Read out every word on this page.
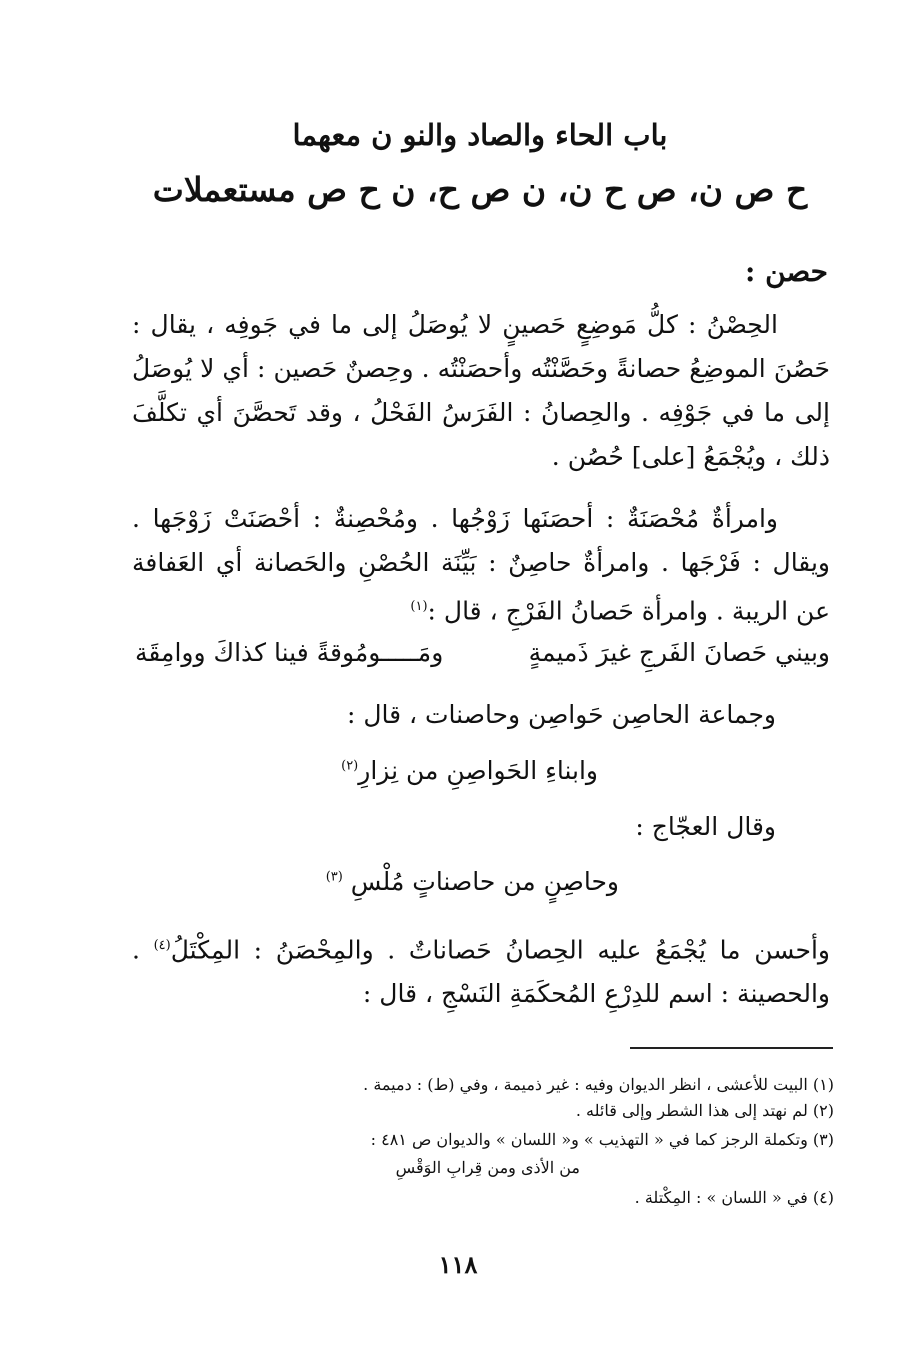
باب الحاء والصاد والنو ن معهما
ح ص ن، ص ح ن، ن ص ح، ن ح ص مستعملات
حصن :
الحِصْنُ : كلُّ مَوضِعٍ حَصينٍ لا يُوصَلُ إلى ما في جَوفِه ، يقال : حَصُنَ الموضِعُ حصانةً وحَصَّنْتُه وأحصَنْتُه . وحِصنٌ حَصين : أي لا يُوصَلُ إلى ما في جَوْفِه . والحِصانُ : الفَرَسُ الفَحْلُ ، وقد تَحصَّنَ أي تكلَّفَ ذلك ، ويُجْمَعُ [على] حُصُن .
وامرأةٌ مُحْصَنَةٌ : أحصَنَها زَوْجُها . ومُحْصِنةٌ : أحْصَنَتْ زَوْجَها . ويقال : فَرْجَها . وامرأةٌ حاصِنٌ : بَيِّنَة الحُصْنِ والحَصانة أي العَفافة عن الريبة . وامرأة حَصانُ الفَرْجِ ، قال :$^{(١)}$
وبيني حَصانَ الفَرجِ غيرَ ذَميمةٍ
ومَـــــومُوقةً فينا كذاكَ ووامِقَة
وجماعة الحاصِن حَواصِن وحاصنات ، قال :
وابناءِ الحَواصِنِ من نِزارِ$^{(٢)}$
وقال العجّاج :
وحاصِنٍ من حاصناتٍ مُلْسِ $^{(٣)}$
وأحسن ما يُجْمَعُ عليه الحِصانُ حَصاناتٌ . والمِحْصَنُ : المِكْتَلُ$^{(٤)}$ . والحصينة : اسم للدِرْعِ المُحكَمَةِ النَسْجِ ، قال :
(١) البيت للأعشى ، انظر الديوان وفيه : غير ذميمة ، وفي (ط) : دميمة .
(٢) لم نهتد إلى هذا الشطر وإلى قائله .
(٣) وتكملة الرجز كما في « التهذيب » و« اللسان » والديوان ص ٤٨١ :
من الأذى ومن قِرابِ الوَقْسِ
(٤) في « اللسان » : المِكْتلة .
١١٨
